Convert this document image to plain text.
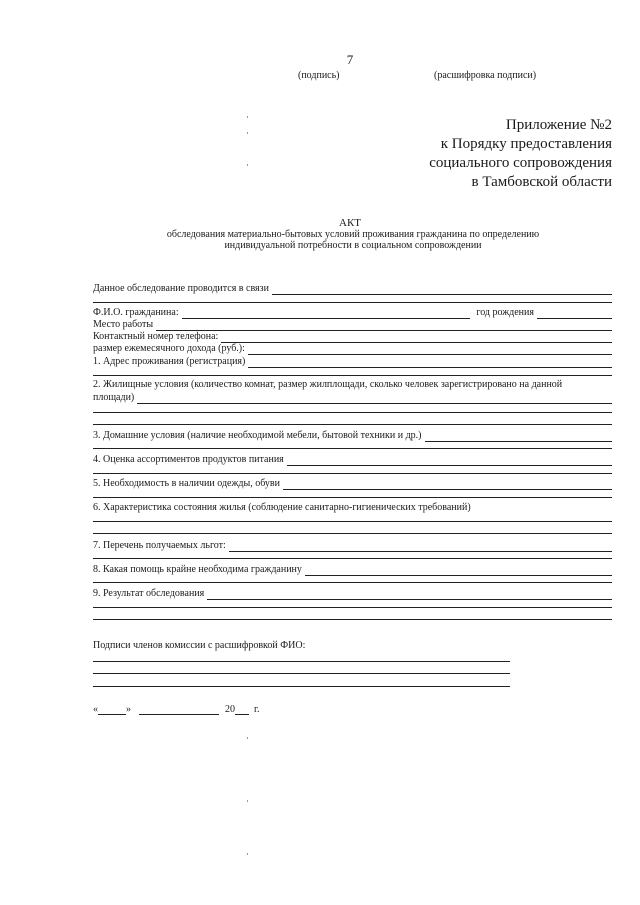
7
(подпись)	(расшифровка подписи)
Приложение №2
к Порядку предоставления
социального сопровождения
в Тамбовской области
АКТ
обследования материально-бытовых условий проживания гражданина по определению
индивидуальной потребности в социальном сопровождении
Данное обследование проводится в связи
Ф.И.О. гражданина:	год рождения
Место работы
Контактный номер телефона:
размер ежемесячного дохода (руб.):
1. Адрес проживания (регистрация)
2. Жилищные условия (количество комнат, размер жилплощади, сколько человек зарегистрировано на данной
площади)
3. Домашние условия (наличие необходимой мебели, бытовой техники и др.)
4. Оценка ассортиментов продуктов питания
5. Необходимость в наличии одежды, обуви
6. Характеристика состояния жилья (соблюдение санитарно-гигиенических требований)
7. Перечень получаемых льгот:
8. Какая помощь крайне необходима гражданину
9. Результат обследования
Подписи членов комиссии с расшифровкой ФИО:
«	»	20 г.
